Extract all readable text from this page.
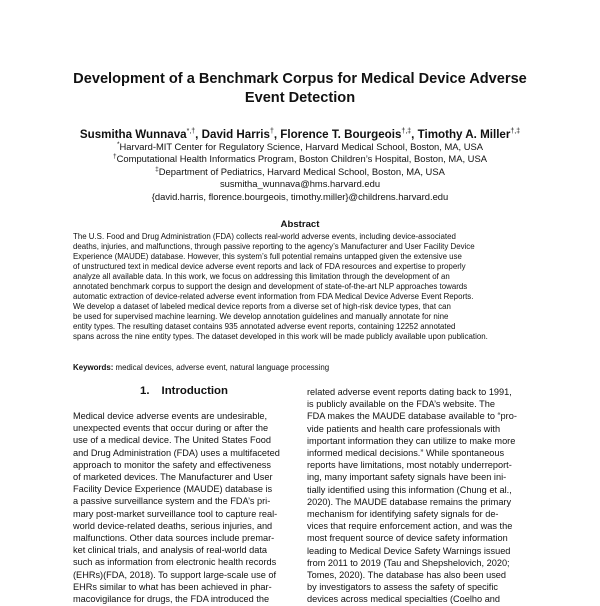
Development of a Benchmark Corpus for Medical Device Adverse
Event Detection
Susmitha Wunnava*,†, David Harris†, Florence T. Bourgeois†,‡, Timothy A. Miller†,‡
*Harvard-MIT Center for Regulatory Science, Harvard Medical School, Boston, MA, USA
†Computational Health Informatics Program, Boston Children’s Hospital, Boston, MA, USA
‡Department of Pediatrics, Harvard Medical School, Boston, MA, USA
susmitha_wunnava@hms.harvard.edu
{david.harris, florence.bourgeois, timothy.miller}@childrens.harvard.edu
Abstract
The U.S. Food and Drug Administration (FDA) collects real-world adverse events, including device-associated
deaths, injuries, and malfunctions, through passive reporting to the agency’s Manufacturer and User Facility Device
Experience (MAUDE) database. However, this system’s full potential remains untapped given the extensive use
of unstructured text in medical device adverse event reports and lack of FDA resources and expertise to properly
analyze all available data. In this work, we focus on addressing this limitation through the development of an
annotated benchmark corpus to support the design and development of state-of-the-art NLP approaches towards
automatic extraction of device-related adverse event information from FDA Medical Device Adverse Event Reports.
We develop a dataset of labeled medical device reports from a diverse set of high-risk device types, that can
be used for supervised machine learning. We develop annotation guidelines and manually annotate for nine
entity types. The resulting dataset contains 935 annotated adverse event reports, containing 12252 annotated
spans across the nine entity types. The dataset developed in this work will be made publicly available upon publication.
Keywords: medical devices, adverse event, natural language processing
1. Introduction
Medical device adverse events are undesirable,
unexpected events that occur during or after the
use of a medical device. The United States Food
and Drug Administration (FDA) uses a multifaceted
approach to monitor the safety and effectiveness
of marketed devices. The Manufacturer and User
Facility Device Experience (MAUDE) database is
a passive surveillance system and the FDA’s pri-
mary post-market surveillance tool to capture real-
world device-related deaths, serious injuries, and
malfunctions. Other data sources include premar-
ket clinical trials, and analysis of real-world data
such as information from electronic health records
(EHRs)(FDA, 2018). To support large-scale use of
EHRs similar to what has been achieved in phar-
macovigilance for drugs, the FDA introduced the
related adverse event reports dating back to 1991,
is publicly available on the FDA’s website. The
FDA makes the MAUDE database available to “pro-
vide patients and health care professionals with
important information they can utilize to make more
informed medical decisions.” While spontaneous
reports have limitations, most notably underreport-
ing, many important safety signals have been ini-
tially identified using this information (Chung et al.,
2020). The MAUDE database remains the primary
mechanism for identifying safety signals for de-
vices that require enforcement action, and was the
most frequent source of device safety information
leading to Medical Device Safety Warnings issued
from 2011 to 2019 (Tau and Shepshelovich, 2020;
Tomes, 2020). The database has also been used
by investigators to assess the safety of specific
devices across medical specialties (Coelho and
